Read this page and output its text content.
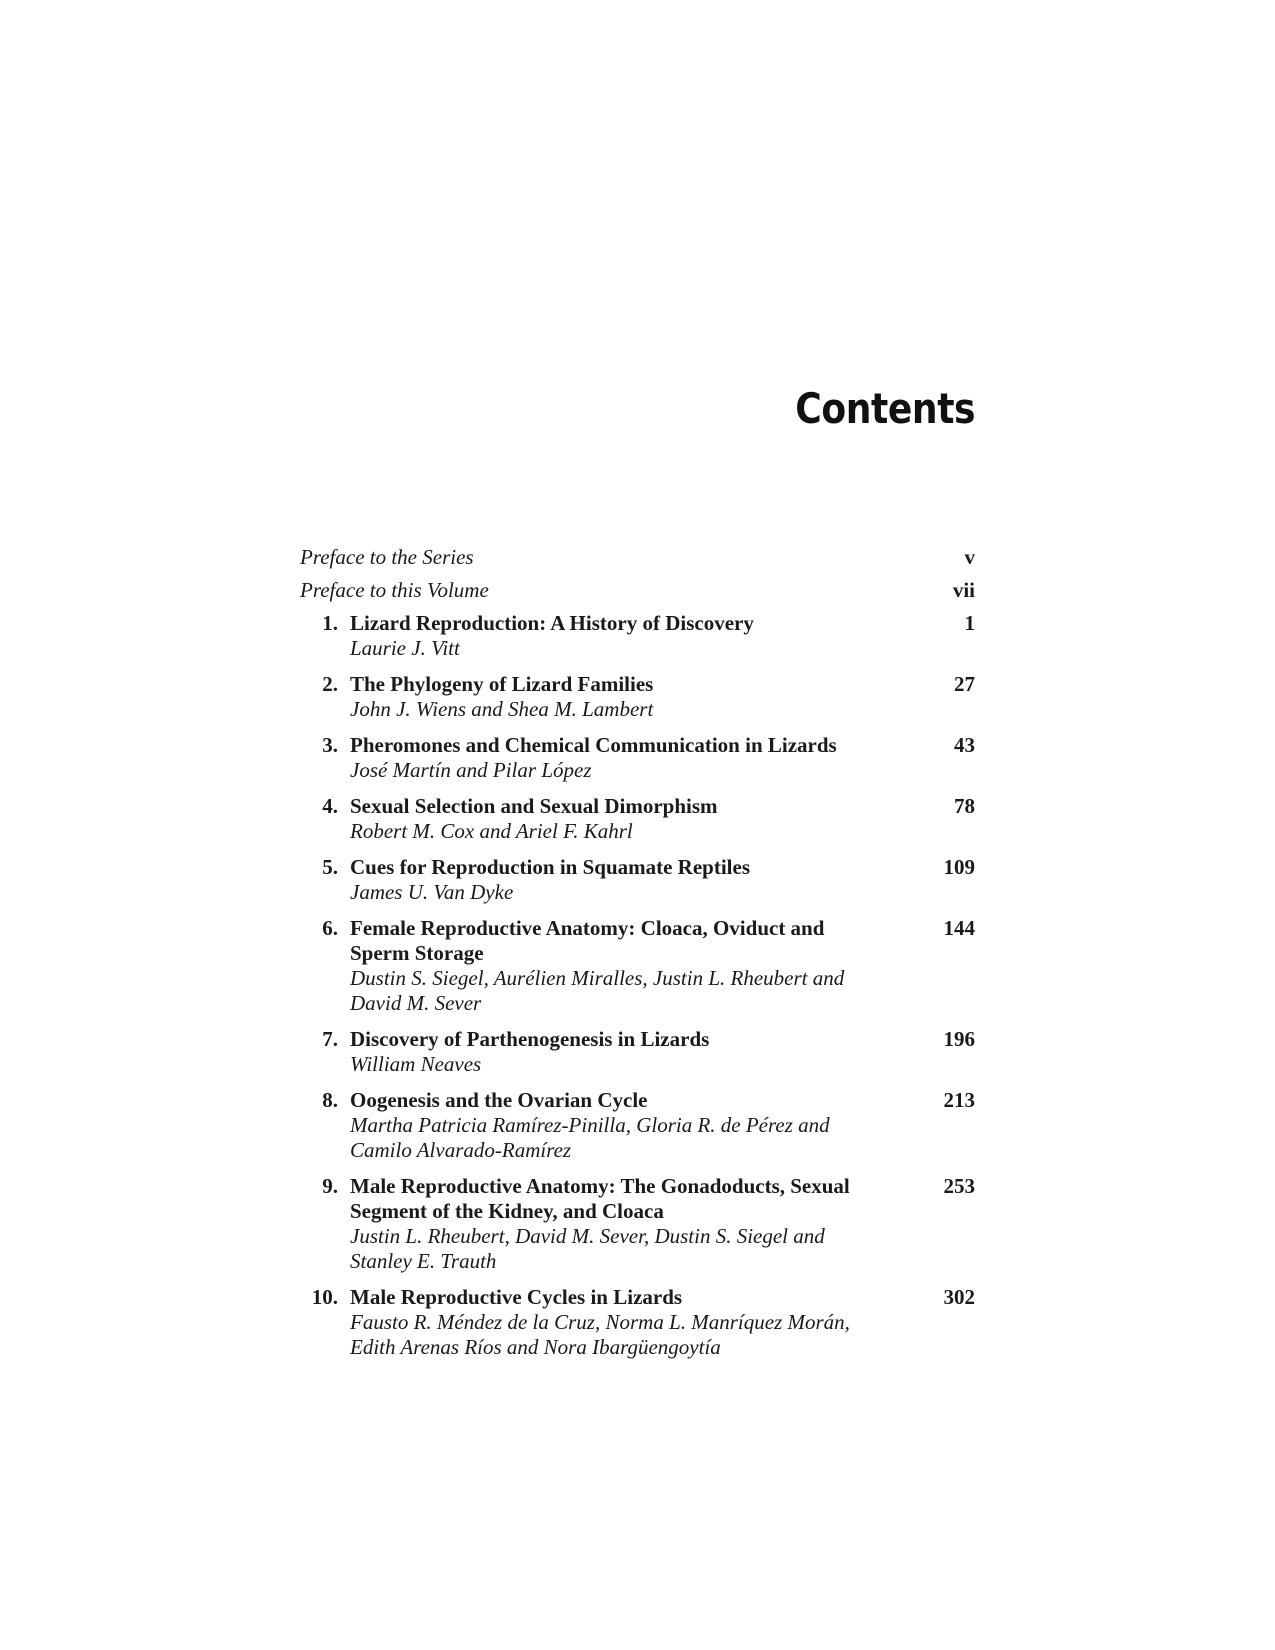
Contents
Preface to the Series	v
Preface to this Volume	vii
1. Lizard Reproduction: A History of Discovery
Laurie J. Vitt
1
2. The Phylogeny of Lizard Families
John J. Wiens and Shea M. Lambert
27
3. Pheromones and Chemical Communication in Lizards
José Martín and Pilar López
43
4. Sexual Selection and Sexual Dimorphism
Robert M. Cox and Ariel F. Kahrl
78
5. Cues for Reproduction in Squamate Reptiles
James U. Van Dyke
109
6. Female Reproductive Anatomy: Cloaca, Oviduct and Sperm Storage
Dustin S. Siegel, Aurélien Miralles, Justin L. Rheubert and David M. Sever
144
7. Discovery of Parthenogenesis in Lizards
William Neaves
196
8. Oogenesis and the Ovarian Cycle
Martha Patricia Ramírez-Pinilla, Gloria R. de Pérez and Camilo Alvarado-Ramírez
213
9. Male Reproductive Anatomy: The Gonadoducts, Sexual Segment of the Kidney, and Cloaca
Justin L. Rheubert, David M. Sever, Dustin S. Siegel and Stanley E. Trauth
253
10. Male Reproductive Cycles in Lizards
Fausto R. Méndez de la Cruz, Norma L. Manríquez Morán, Edith Arenas Ríos and Nora Ibargüengoytía
302
